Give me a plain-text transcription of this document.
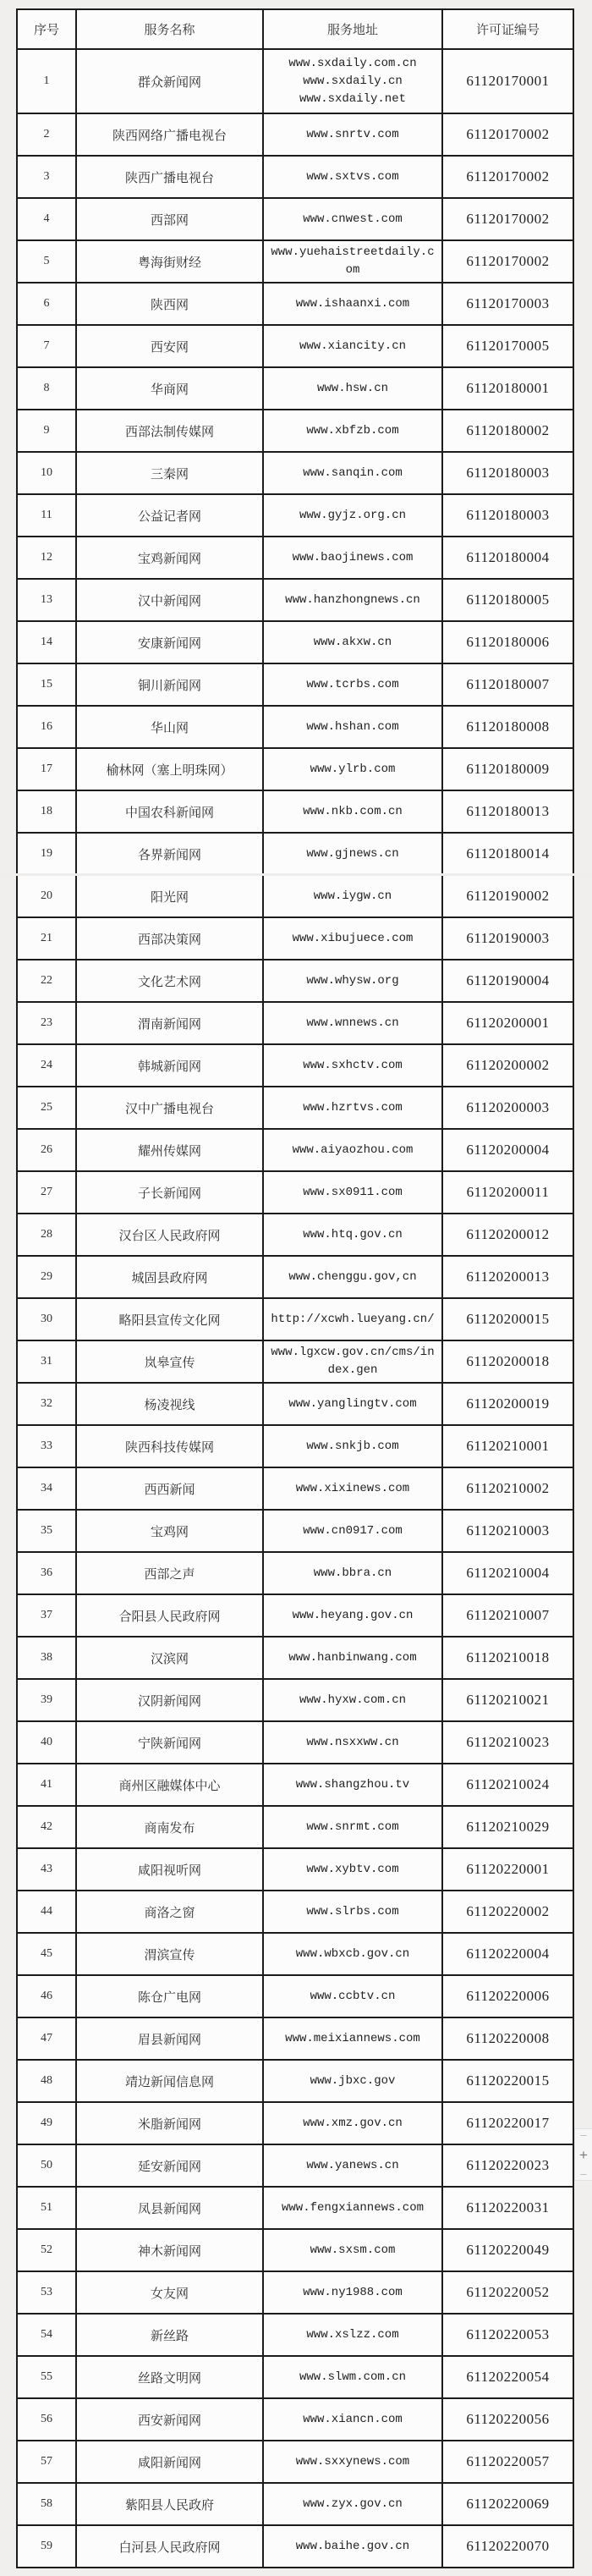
序号	服务名称	服务地址	许可证编号
1	群众新闻网	www.sxdaily.com.cn
www.sxdaily.cn
www.sxdaily.net	61120170001
2	陕西网络广播电视台	www.snrtv.com	61120170002
3	陕西广播电视台	www.sxtvs.com	61120170002
4	西部网	www.cnwest.com	61120170002
5	粤海街财经	www.yuehaistreetdaily.com	61120170002
6	陕西网	www.ishaanxi.com	61120170003
7	西安网	www.xiancity.cn	61120170005
8	华商网	www.hsw.cn	61120180001
9	西部法制传媒网	www.xbfzb.com	61120180002
10	三秦网	www.sanqin.com	61120180003
11	公益记者网	www.gyjz.org.cn	61120180003
12	宝鸡新闻网	www.baojinews.com	61120180004
13	汉中新闻网	www.hanzhongnews.cn	61120180005
14	安康新闻网	www.akxw.cn	61120180006
15	铜川新闻网	www.tcrbs.com	61120180007
16	华山网	www.hshan.com	61120180008
17	榆林网（塞上明珠网）	www.ylrb.com	61120180009
18	中国农科新闻网	www.nkb.com.cn	61120180013
19	各界新闻网	www.gjnews.cn	61120180014
20	阳光网	www.iygw.cn	61120190002
21	西部决策网	www.xibujuece.com	61120190003
22	文化艺术网	www.whysw.org	61120190004
23	渭南新闻网	www.wnnews.cn	61120200001
24	韩城新闻网	www.sxhctv.com	61120200002
25	汉中广播电视台	www.hzrtvs.com	61120200003
26	耀州传媒网	www.aiyaozhou.com	61120200004
27	子长新闻网	www.sx0911.com	61120200011
28	汉台区人民政府网	www.htq.gov.cn	61120200012
29	城固县政府网	www.chenggu.gov,cn	61120200013
30	略阳县宣传文化网	http://xcwh.lueyang.cn/	61120200015
31	岚皋宣传	www.lgxcw.gov.cn/cms/index.gen	61120200018
32	杨凌视线	www.yanglingtv.com	61120200019
33	陕西科技传媒网	www.snkjb.com	61120210001
34	西西新闻	www.xixinews.com	61120210002
35	宝鸡网	www.cn0917.com	61120210003
36	西部之声	www.bbra.cn	61120210004
37	合阳县人民政府网	www.heyang.gov.cn	61120210007
38	汉滨网	www.hanbinwang.com	61120210018
39	汉阴新闻网	www.hyxw.com.cn	61120210021
40	宁陕新闻网	www.nsxxww.cn	61120210023
41	商州区融媒体中心	www.shangzhou.tv	61120210024
42	商南发布	www.snrmt.com	61120210029
43	咸阳视听网	www.xybtv.com	61120220001
44	商洛之窗	www.slrbs.com	61120220002
45	渭滨宣传	www.wbxcb.gov.cn	61120220004
46	陈仓广电网	www.ccbtv.cn	61120220006
47	眉县新闻网	www.meixiannews.com	61120220008
48	靖边新闻信息网	www.jbxc.gov	61120220015
49	米脂新闻网	www.xmz.gov.cn	61120220017
50	延安新闻网	www.yanews.cn	61120220023
51	凤县新闻网	www.fengxiannews.com	61120220031
52	神木新闻网	www.sxsm.com	61120220049
53	女友网	www.ny1988.com	61120220052
54	新丝路	www.xslzz.com	61120220053
55	丝路文明网	www.slwm.com.cn	61120220054
56	西安新闻网	www.xiancn.com	61120220056
57	咸阳新闻网	www.sxxynews.com	61120220057
58	紫阳县人民政府	www.zyx.gov.cn	61120220069
59	白河县人民政府网	www.baihe.gov.cn	61120220070
–
+
–
